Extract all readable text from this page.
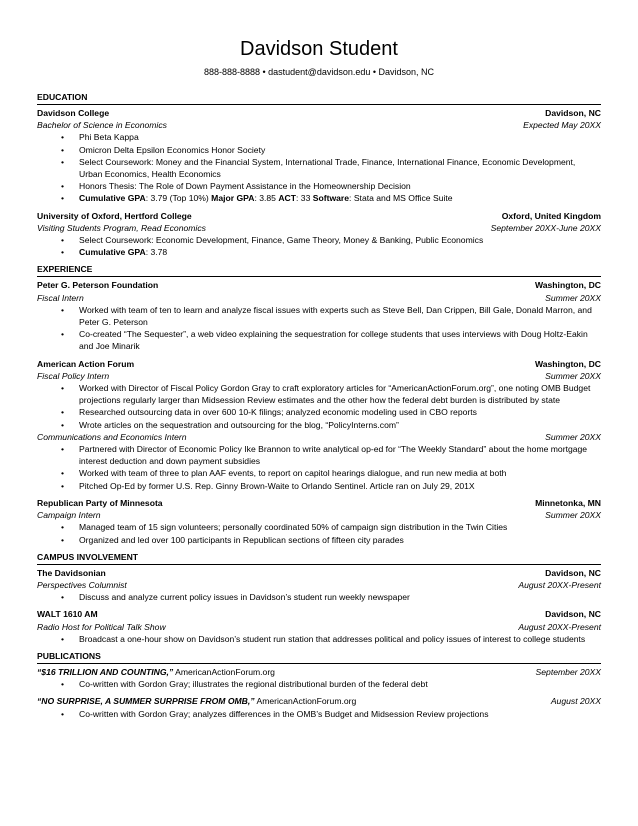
Davidson Student
888-888-8888 • dastudent@davidson.edu • Davidson, NC
EDUCATION
Davidson College	Davidson, NC
Bachelor of Science in Economics	Expected May 20XX
• Phi Beta Kappa
• Omicron Delta Epsilon Economics Honor Society
• Select Coursework: Money and the Financial System, International Trade, Finance, International Finance, Economic Development, Urban Economics, Health Economics
• Honors Thesis: The Role of Down Payment Assistance in the Homeownership Decision
• Cumulative GPA: 3.79 (Top 10%) Major GPA: 3.85 ACT: 33 Software: Stata and MS Office Suite
University of Oxford, Hertford College	Oxford, United Kingdom
Visiting Students Program, Read Economics	September 20XX-June 20XX
• Select Coursework: Economic Development, Finance, Game Theory, Money & Banking, Public Economics
• Cumulative GPA: 3.78
EXPERIENCE
Peter G. Peterson Foundation	Washington, DC
Fiscal Intern	Summer 20XX
• Worked with team of ten to learn and analyze fiscal issues with experts such as Steve Bell, Dan Crippen, Bill Gale, Donald Marron, and Peter G. Peterson
• Co-created “The Sequester”, a web video explaining the sequestration for college students that uses interviews with Doug Holtz-Eakin and Joe Minarik
American Action Forum	Washington, DC
Fiscal Policy Intern	Summer 20XX
• Worked with Director of Fiscal Policy Gordon Gray to craft exploratory articles for “AmericanActionForum.org”, one noting OMB Budget projections regularly larger than Midsession Review estimates and the other how the federal debt burden is distributed by state
• Researched outsourcing data in over 600 10-K filings; analyzed economic modeling used in CBO reports
• Wrote articles on the sequestration and outsourcing for the blog, “PolicyInterns.com”
Communications and Economics Intern	Summer 20XX
• Partnered with Director of Economic Policy Ike Brannon to write analytical op-ed for “The Weekly Standard” about the home mortgage interest deduction and down payment subsidies
• Worked with team of three to plan AAF events, to report on capitol hearings dialogue, and run new media at both
• Pitched Op-Ed by former U.S. Rep. Ginny Brown-Waite to Orlando Sentinel. Article ran on July 29, 201X
Republican Party of Minnesota	Minnetonka, MN
Campaign Intern	Summer 20XX
• Managed team of 15 sign volunteers; personally coordinated 50% of campaign sign distribution in the Twin Cities
• Organized and led over 100 participants in Republican sections of fifteen city parades
CAMPUS INVOLVEMENT
The Davidsonian	Davidson, NC
Perspectives Columnist	August 20XX-Present
• Discuss and analyze current policy issues in Davidson’s student run weekly newspaper
WALT 1610 AM	Davidson, NC
Radio Host for Political Talk Show	August 20XX-Present
• Broadcast a one-hour show on Davidson’s student run station that addresses political and policy issues of interest to college students
PUBLICATIONS
“$16 TRILLION AND COUNTING,” AmericanActionForum.org	September 20XX
• Co-written with Gordon Gray; illustrates the regional distributional burden of the federal debt
“NO SURPRISE, A SUMMER SURPRISE FROM OMB,” AmericanActionForum.org	August 20XX
• Co-written with Gordon Gray; analyzes differences in the OMB’s Budget and Midsession Review projections
